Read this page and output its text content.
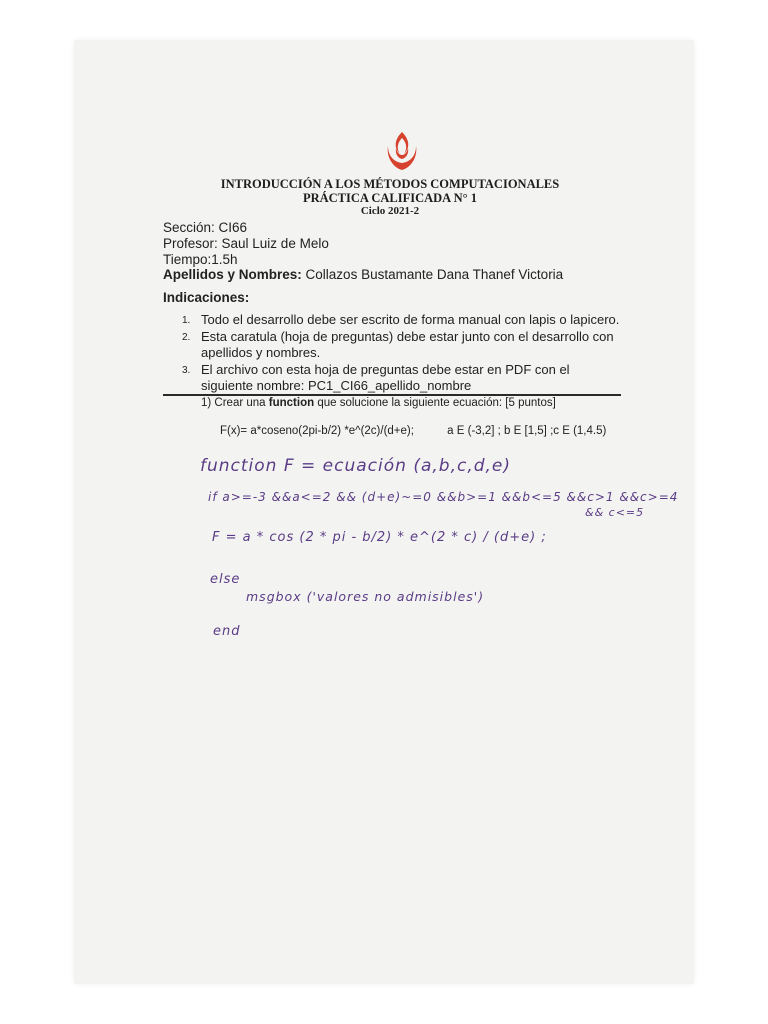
INTRODUCCIÓN A LOS MÉTODOS COMPUTACIONALES
PRÁCTICA CALIFICADA N° 1
Ciclo 2021-2
Sección: CI66
Profesor: Saul Luiz de Melo
Tiempo:1.5h
Apellidos y Nombres: Collazos Bustamante Dana Thanef Victoria
Indicaciones:
1. Todo el desarrollo debe ser escrito de forma manual con lapis o lapicero.
2. Esta caratula (hoja de preguntas) debe estar junto con el desarrollo con apellidos y nombres.
3. El archivo con esta hoja de preguntas debe estar en PDF con el siguiente nombre: PC1_CI66_apellido_nombre
1) Crear una function que solucione la siguiente ecuación: [5 puntos]
F(x)= a*coseno(2pi-b/2) *e^(2c)/(d+e);	a E (-3,2] ; b E [1,5] ;c E (1,4.5)
function F = ecuación (a,b,c,d,e)
if a>=-3 &&a<=2 && (d+e)~=0 &&b>=1 &&b<=5 &&c>1 &&c>=4
&& c<=5
F = a * cos (2 * pi - b/2) * e^(2 * c) / (d+e) ;
else
msgbox ('valores no admisibles')
end
